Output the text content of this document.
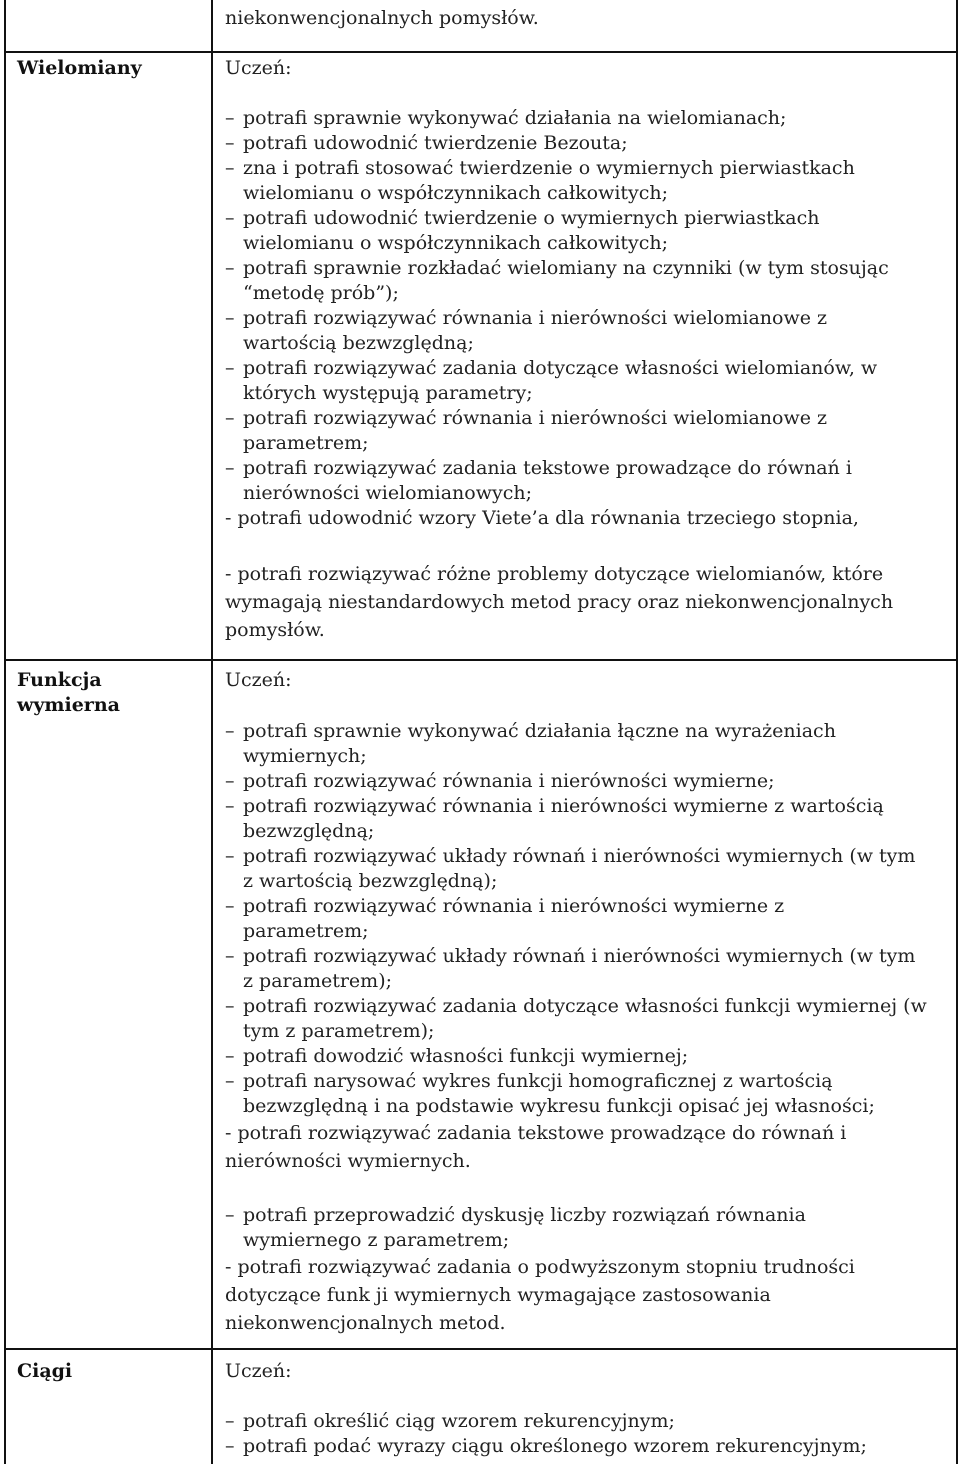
niekonwencjonalnych pomysłów.
Wielomiany	Uczeń:
– potrafi sprawnie wykonywać działania na wielomianach;
– potrafi udowodnić twierdzenie Bezouta;
– zna i potrafi stosować twierdzenie o wymiernych pierwiastkach wielomianu o współczynnikach całkowitych;
– potrafi udowodnić twierdzenie o wymiernych pierwiastkach wielomianu o współczynnikach całkowitych;
– potrafi sprawnie rozkładać wielomiany na czynniki (w tym stosując “metodę prób”);
– potrafi rozwiązywać równania i nierówności wielomianowe z wartością bezwzględną;
– potrafi rozwiązywać zadania dotyczące własności wielomianów, w których występują parametry;
– potrafi rozwiązywać równania i nierówności wielomianowe z parametrem;
– potrafi rozwiązywać zadania tekstowe prowadzące do równań i nierówności wielomianowych;
- potrafi udowodnić wzory Viete’a dla równania trzeciego stopnia,
- potrafi rozwiązywać różne problemy dotyczące wielomianów, które wymagają niestandardowych metod pracy oraz niekonwencjonalnych pomysłów.
Funkcja wymierna
Uczeń:
– potrafi sprawnie wykonywać działania łączne na wyrażeniach wymiernych;
– potrafi rozwiązywać równania i nierówności wymierne;
– potrafi rozwiązywać równania i nierówności wymierne z wartością bezwzględną;
– potrafi rozwiązywać układy równań i nierówności wymiernych (w tym z wartością bezwzględną);
– potrafi rozwiązywać równania i nierówności wymierne z parametrem;
– potrafi rozwiązywać układy równań i nierówności wymiernych (w tym z parametrem);
– potrafi rozwiązywać zadania dotyczące własności funkcji wymiernej (w tym z parametrem);
– potrafi dowodzić własności funkcji wymiernej;
– potrafi narysować wykres funkcji homograficznej z wartością bezwzględną i na podstawie wykresu funkcji opisać jej własności;
- potrafi rozwiązywać zadania tekstowe prowadzące do równań i nierówności wymiernych.
– potrafi przeprowadzić dyskusję liczby rozwiązań równania wymiernego z parametrem;
- potrafi rozwiązywać zadania o podwyższonym stopniu trudności dotyczące funk ji wymiernych wymagające zastosowania niekonwencjonalnych metod.
Ciągi	Uczeń:
– potrafi określić ciąg wzorem rekurencyjnym;
– potrafi podać wyrazy ciągu określonego wzorem rekurencyjnym;
